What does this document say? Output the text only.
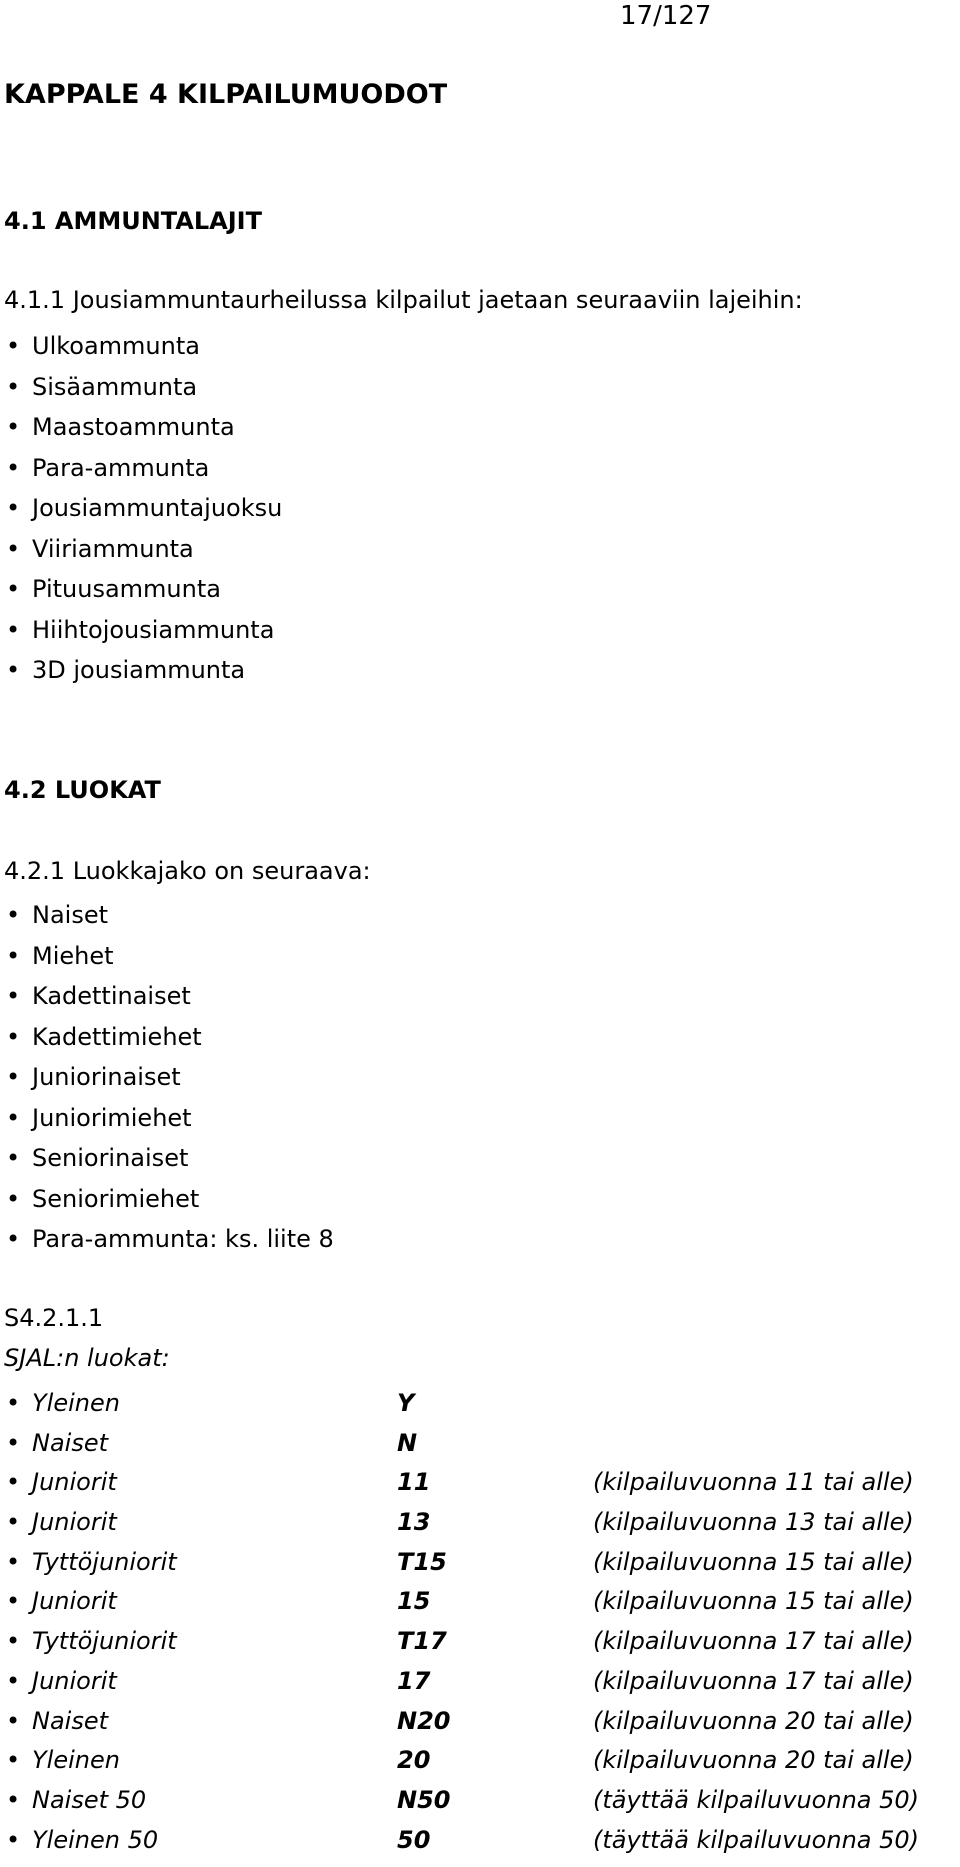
17/127
KAPPALE 4 KILPAILUMUODOT
4.1 AMMUNTALAJIT
4.1.1 Jousiammuntaurheilussa kilpailut jaetaan seuraaviin lajeihin:
• Ulkoammunta
• Sisäammunta
• Maastoammunta
• Para-ammunta
• Jousiammuntajuoksu
• Viiriammunta
• Pituusammunta
• Hiihtojousiammunta
• 3D jousiammunta
4.2 LUOKAT
4.2.1 Luokkajako on seuraava:
• Naiset
• Miehet
• Kadettinaiset
• Kadettimiehet
• Juniorinaiset
• Juniorimiehet
• Seniorinaiset
• Seniorimiehet
• Para-ammunta: ks. liite 8
S4.2.1.1
SJAL:n luokat:
• Yleinen	Y
• Naiset	N
• Juniorit	11	(kilpailuvuonna 11 tai alle)
• Juniorit	13	(kilpailuvuonna 13 tai alle)
• Tyttöjuniorit	T15	(kilpailuvuonna 15 tai alle)
• Juniorit	15	(kilpailuvuonna 15 tai alle)
• Tyttöjuniorit	T17	(kilpailuvuonna 17 tai alle)
• Juniorit	17	(kilpailuvuonna 17 tai alle)
• Naiset	N20	(kilpailuvuonna 20 tai alle)
• Yleinen	20	(kilpailuvuonna 20 tai alle)
• Naiset 50	N50	(täyttää kilpailuvuonna 50)
• Yleinen 50	50	(täyttää kilpailuvuonna 50)
